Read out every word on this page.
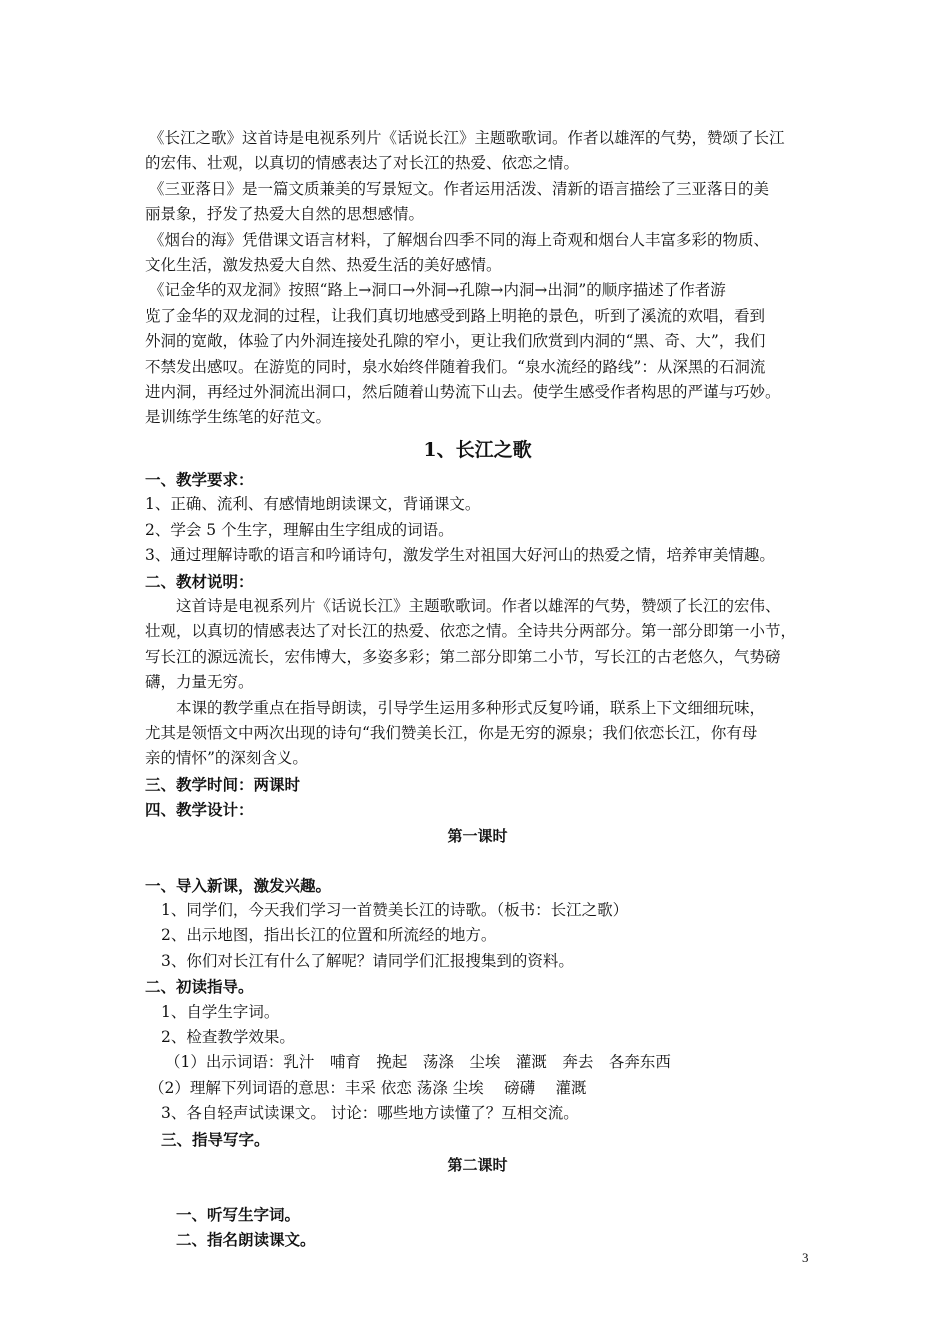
《长江之歌》这首诗是电视系列片《话说长江》主题歌歌词。作者以雄浑的气势，赞颂了长江
的宏伟、壮观，以真切的情感表达了对长江的热爱、依恋之情。
《三亚落日》是一篇文质兼美的写景短文。作者运用活泼、清新的语言描绘了三亚落日的美
丽景象，抒发了热爱大自然的思想感情。
《烟台的海》凭借课文语言材料，了解烟台四季不同的海上奇观和烟台人丰富多彩的物质、
文化生活，激发热爱大自然、热爱生活的美好感情。
《记金华的双龙洞》按照“路上→洞口→外洞→孔隙→内洞→出洞”的顺序描述了作者游
览了金华的双龙洞的过程，让我们真切地感受到路上明艳的景色，听到了溪流的欢唱，看到
外洞的宽敞，体验了内外洞连接处孔隙的窄小，更让我们欣赏到内洞的“黑、奇、大”，我们
不禁发出感叹。在游览的同时，泉水始终伴随着我们。“泉水流经的路线”：从深黑的石洞流
进内洞，再经过外洞流出洞口，然后随着山势流下山去。使学生感受作者构思的严谨与巧妙。
是训练学生练笔的好范文。
1、长江之歌
一、教学要求：
1、正确、流利、有感情地朗读课文，背诵课文。
2、学会 5 个生字，理解由生字组成的词语。
3、通过理解诗歌的语言和吟诵诗句，激发学生对祖国大好河山的热爱之情，培养审美情趣。
二、教材说明：
这首诗是电视系列片《话说长江》主题歌歌词。作者以雄浑的气势，赞颂了长江的宏伟、
壮观，以真切的情感表达了对长江的热爱、依恋之情。全诗共分两部分。第一部分即第一小节，
写长江的源远流长，宏伟博大，多姿多彩；第二部分即第二小节，写长江的古老悠久，气势磅
礴，力量无穷。
本课的教学重点在指导朗读，引导学生运用多种形式反复吟诵，联系上下文细细玩味，
尤其是领悟文中两次出现的诗句“我们赞美长江，你是无穷的源泉；我们依恋长江，你有母
亲的情怀”的深刻含义。
三、教学时间：两课时
四、教学设计：
第一课时
一、导入新课，激发兴趣。
1、同学们，今天我们学习一首赞美长江的诗歌。（板书：长江之歌）
2、出示地图，指出长江的位置和所流经的地方。
3、你们对长江有什么了解呢？请同学们汇报搜集到的资料。
二、初读指导。
1、自学生字词。
2、检查教学效果。
（1）出示词语：乳汁　哺育　挽起　荡涤　尘埃　灌溉　奔去　各奔东西
（2）理解下列词语的意思：丰采 依恋 荡涤 尘埃　 磅礴　 灌溉
3、各自轻声试读课文。 讨论：哪些地方读懂了？互相交流。
三、指导写字。
第二课时
一、听写生字词。
二、指名朗读课文。
3
